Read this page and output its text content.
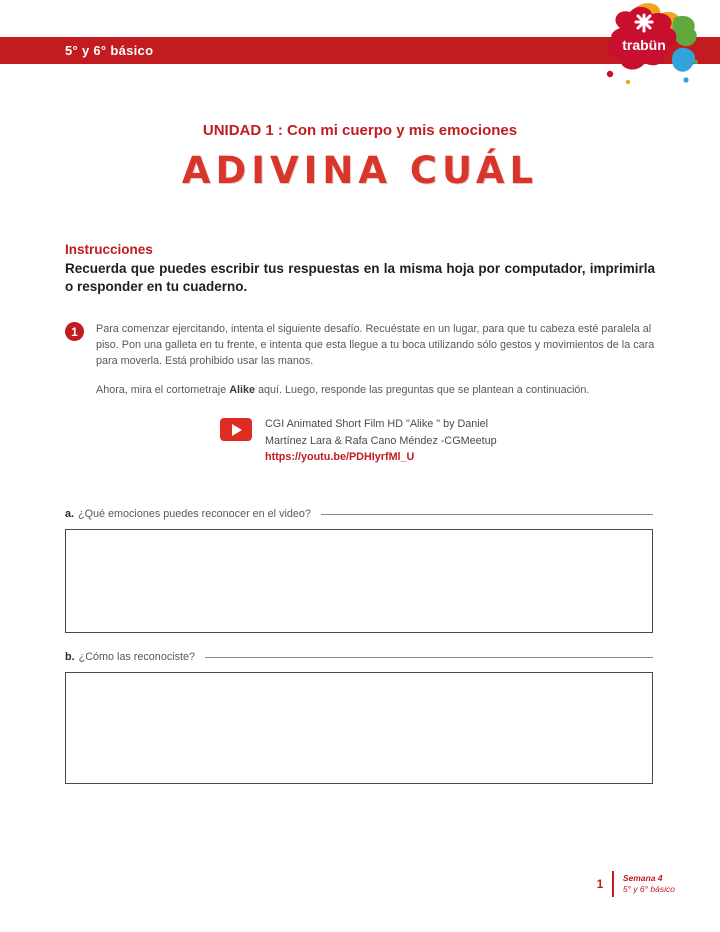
5° y 6° básico	trabün
UNIDAD 1 : Con mi cuerpo y mis emociones
ADIVINA CUÁL
Instrucciones
Recuerda que puedes escribir tus respuestas en la misma hoja por computador, imprimirla o responder en tu cuaderno.
1	Para comenzar ejercitando, intenta el siguiente desafío. Recuéstate en un lugar, para que tu cabeza esté paralela al piso. Pon una galleta en tu frente, e intenta que esta llegue a tu boca utilizando sólo gestos y movimientos de la cara para moverla. Está prohibido usar las manos.

Ahora, mira el cortometraje Alike aquí. Luego, responde las preguntas que se plantean a continuación.

CGI Animated Short Film HD "Alike " by Daniel
Martínez Lara & Rafa Cano Méndez -CGMeetup
https://youtu.be/PDHIyrfMl_U
a. ¿Qué emociones puedes reconocer en el video?
b. ¿Cómo las reconociste?
1 Semana 4
5° y 6° básico
